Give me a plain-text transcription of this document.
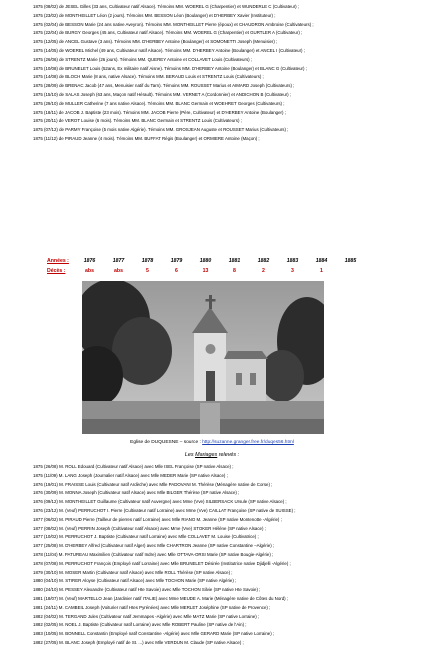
1875 (08/02) de JESEL Gilles (33 ans, Cultivateur natif Alsace). Témoins MM. WOEREL G (Charpentier) et WUNDERLE C (Cultivateur) ;
1875 (23/02) de MONTHEILLET Léon (2 jours). Témoins MM. BESSON Léon (Boulanger) et D'HERBEY Xavier (Instituteur) ;
1875 (02/04) de BESSON Marie (24 ans native Aveyron). Témoins MM. MONTHEILLET Pierre (époux) et CHAUDRON Ambroise (Cultivateurs) ;
1875 (22/04) de BURGY Georges (45 ans, Cultivateur natif Alsace). Témoins MM. WOEREL G (Charpentier) et GURTLER A (Cultivateur) ;
1875 (12/05) de ANCEL Gustave (3 ans). Témoins MM. D'HERBEY Antoine (Boulanger) et SOMONETTI Joseph (Menuisier) ;
1875 (14/05) de WOEREL Michel (49 ans, Cultivateur natif Alsace). Témoins MM. D'HERBEY Antoine (Boulanger) et ANCEL I (Cultivateur) ;
1875 (26/06) de STRENTZ Marie (26 jours). Témoins MM. QUEREY Antoine et COLLAVET Louis (Cultivateurs) ;
1875 (10/08) de BRUNELET Louis (52ans, Ex militaire natif Aisne). Témoins MM. D'HERBEY Antoine (Boulanger) et BLANC G (Cultivateur) ;
1875 (14/08) de BLOCH Marie (8 ans, native Alsace). Témoins MM. BERAUD Louis et STRENTZ Louis (Cultivateurs) ;
1875 (28/09) de BRENAC Jacob (47 ans, Menuisier natif du Tarn). Témoins MM. ROUSSET Marius et AIMARD Joseph (Cultivateurs) ;
1875 (15/10) de SALAS Joseph (63 ans, Maçon natif Hérault). Témoins MM. VERNET A (Cordonnier) et ANDICHON B (Cultivateur) ;
1875 (29/10) de MULLER Catherine (7 ans native Alsace). Témoins MM. BLANC Germain et WOEHRET Georges (Cultivateurs) ;
1875 (18/11) de JACOB J. Baptiste (23 mois). Témoins MM. JACOB Pierre (Père, Cultivateur) et D'HERBEY Antoine (Boulanger) ;
1875 (20/11) de VEROT Louise (6 mois). Témoins MM. BLANC Germain et STRENTZ Louis (Cultivateurs) ;
1875 (07/12) de PARMY Françoise (5 mois native Algérie). Témoins MM. GROSJEAN Auguste et ROUSSET Marius (Cultivateurs) ;
1875 (11/12) de PIRAUD Jeanne (4 mois). Témoins MM. BUFFAT Régis (Boulanger) et ORMIERE Antoine (Maçon) ;
Années :	1876	1877	1878	1879	1880	1881	1882	1883	1884	1885
Décès :	abs	abs	5	6	13	8	2	3	1
Eglise de DUQUESNE – source : http://suzanne.granger.free.fr/duqes56.html
Les Mariages relevés :
1875 (26/08) M. ROLL Edouard (Cultivateur natif Alsace) avec Mlle ISEL Françoise (SP native Alsace) ;
1875 (11/09) M. LANG Joseph (Journalier natif Alsace) avec Mlle MEDER Marie (SP native Alsace) ;
1876 (19/01) M. FRAISSE Louis (Cultivateur natif Ardèche) avec Mlle PADOVANI M. Thérèse (Ménagère native de Corse) ;
1876 (30/09) M. MONNA Joseph (Cultivateur natif Alsace) avec Mlle BILGER Thérèse (SP native Alsace) ;
1876 (09/12) M. MONTHEILLET Guillaume (Cultivateur natif Auvergne) avec Mme (Vve) SILBERSACK Ursule (SP native Alsace) ;
1876 (23/12) M. (Veuf) PERRUCHOT I. Pierre (Cultivateur natif Lorraine) avec Mme (Vve) CAILLAT Françoise (SP native de SUISSE) ;
1877 (06/02) M. PIRAUD Pierre (Tailleur de pierres natif Lorraine) avec Mlle RIANO M. Jeanne (SP native Montenotte -Algérie) ;
1877 (08/02) M. (Veuf) PERRIN Joseph (Cultivateur natif Alsace) avec Mme (Vve) STOKER Hélène (SP native Alsace) ;
1877 (10/02) M. PERRUCHOT J. Baptiste (Cultivateur natif Lorraine) avec Mlle COLLAVET M. Louise (Cultivatrice) ;
1877 (25/08) M. D'HERBEY Alfred (Cultivateur natif Alger) avec Mlle CHARTRON Jeanne (SP native Constantine –Algérie) ;
1878 (11/04) M. PATUREAU Maximilien (Cultivateur natif Indre) avec Mlle OTTAVA-ORSI Marie (SP native Bougie-Algérie) ;
1878 (07/08) M. PERRUCHOT François (Employé natif Lorraine) avec Mlle BRUNELET Désirée (Institutrice native Djidjelli -Algérie) ;
1879 (30/10) M. MOSER Martin (Cultivateur natif Alsace) avec Mlle ROLL Thérèse (SP native Alsace) ;
1880 (04/10) M. STIRER Aloyse (Cultivateur natif Alsace) avec Mlle TOCHON Marie (SP native Algérie) ;
1880 (24/10) M. PESSEY Alexandre (Cultivateur natif Hte Savoie) avec Mlle TOCHON Silvie (SP native Hte Savoie) ;
1881 (18/07) M. (Veuf) MARTELLO Jean (Jardinier natif ITALIE) avec Mme MEUDE A. Marie (Ménagère native de Côtes du Nord) ;
1881 (24/11) M. CAMBEIL Joseph (Voiturier natif Htes Pyrénées) avec Mlle MERLET Joséphine (SP native de Provence) ;
1882 (04/02) M. TERGAND Jules (Cultivateur natif Jemmapes -Algérie) avec Mlle MATZ Marie (SP native Lorraine) ;
1882 (02/05) M. NOEL J. Baptiste (Cultivateur natif Lorraine) avec Mlle ROBERT Pauline (SP native de l'Ain) ;
1883 (10/05) M. BONNELL Constantin (Employé natif Constantine -Algérie) avec Mlle GERARD Marie (SP native Lorraine) ;
1882 (27/05) M. BLANC Joseph (Employé natif de St. ...) avec Mlle VERDUN M. Claude (SP native Alsace) ;
